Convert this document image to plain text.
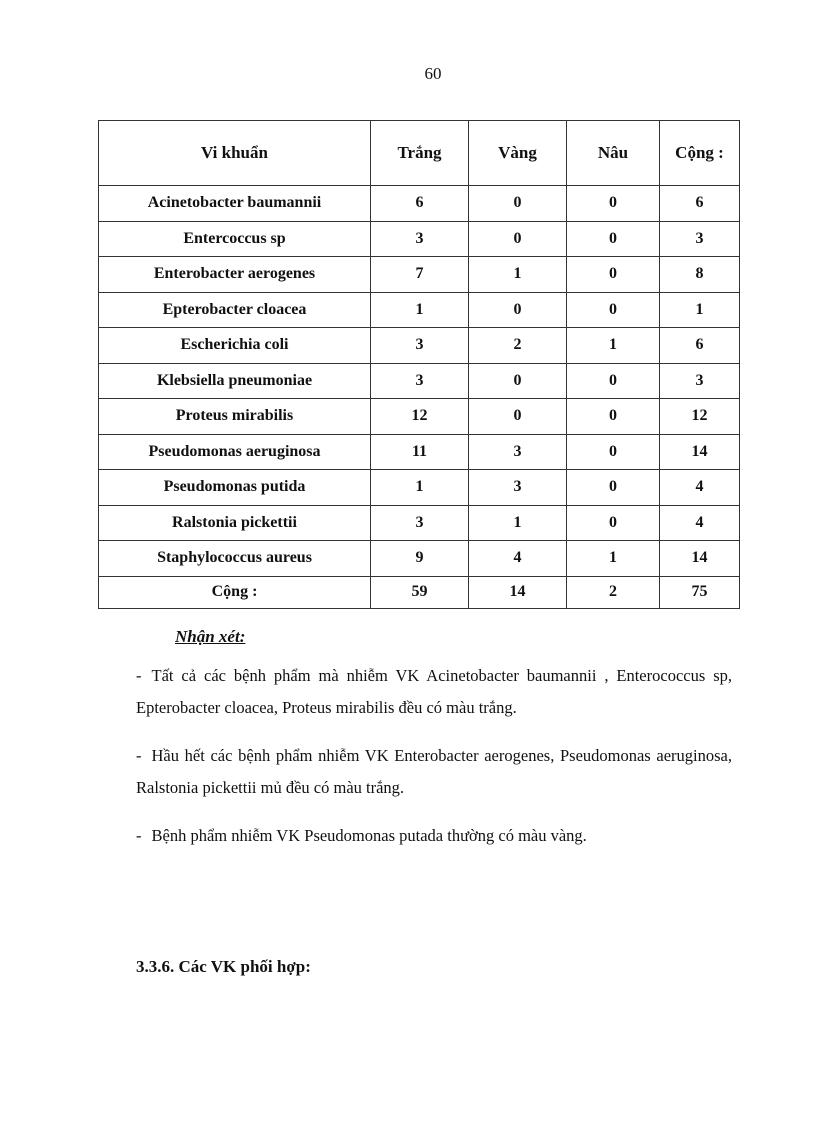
60
Vi khuẩn	Trắng	Vàng	Nâu	Cộng :
Acinetobacter baumannii	6	0	0	6
Entercoccus sp	3	0	0	3
Enterobacter aerogenes	7	1	0	8
Epterobacter cloacea	1	0	0	1
Escherichia coli	3	2	1	6
Klebsiella pneumoniae	3	0	0	3
Proteus mirabilis	12	0	0	12
Pseudomonas aeruginosa	11	3	0	14
Pseudomonas putida	1	3	0	4
Ralstonia pickettii	3	1	0	4
Staphylococcus aureus	9	4	1	14
Cộng :	59	14	2	75
Nhận xét:
- Tất cả các bệnh phẩm mà nhiễm VK Acinetobacter baumannii , Enterococcus sp, Epterobacter cloacea, Proteus mirabilis đều có màu trắng.
- Hầu hết các bệnh phẩm nhiễm VK Enterobacter aerogenes, Pseudomonas aeruginosa, Ralstonia pickettii mủ đều có màu trắng.
- Bệnh phẩm nhiễm VK Pseudomonas putada thường có màu vàng.
3.3.6. Các VK phối hợp:
